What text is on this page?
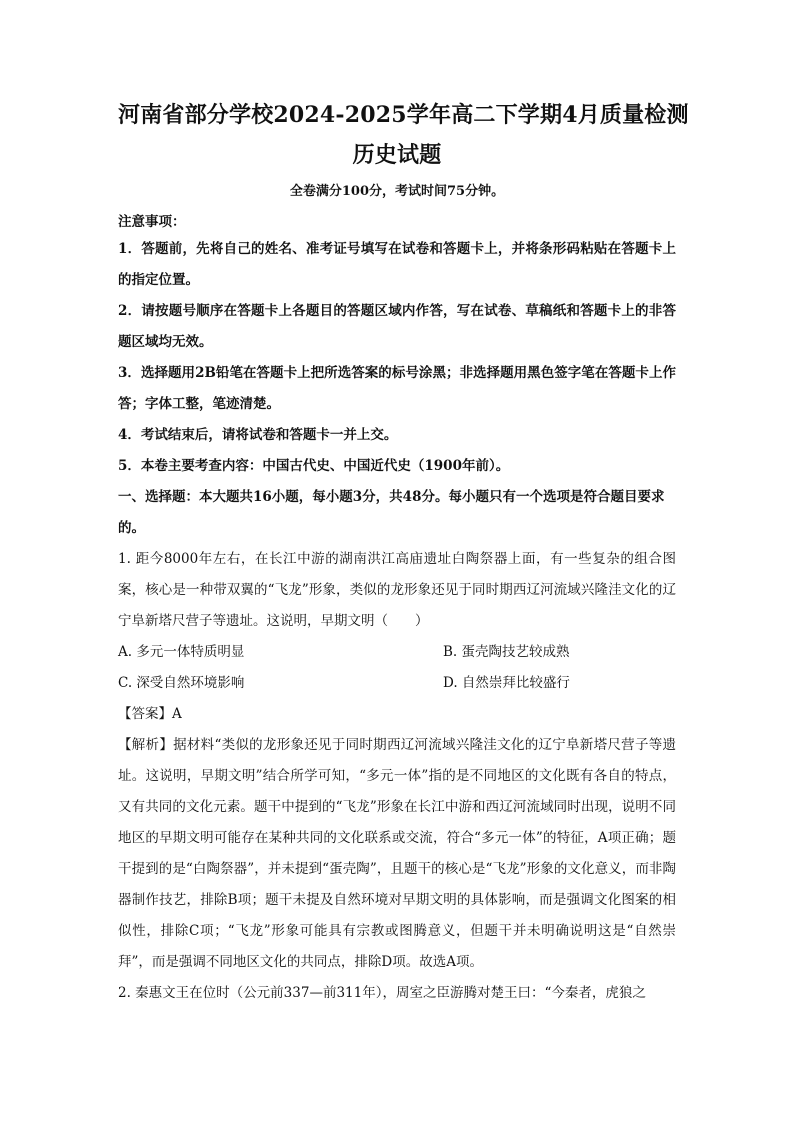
河南省部分学校2024-2025学年高二下学期4月质量检测
历史试题
全卷满分100分，考试时间75分钟。
注意事项：
1．答题前，先将自己的姓名、准考证号填写在试卷和答题卡上，并将条形码粘贴在答题卡上的指定位置。
2．请按题号顺序在答题卡上各题目的答题区域内作答，写在试卷、草稿纸和答题卡上的非答题区域均无效。
3．选择题用2B铅笔在答题卡上把所选答案的标号涂黑；非选择题用黑色签字笔在答题卡上作答；字体工整，笔迹清楚。
4．考试结束后，请将试卷和答题卡一并上交。
5．本卷主要考查内容：中国古代史、中国近代史（1900年前）。
一、选择题：本大题共16小题，每小题3分，共48分。每小题只有一个选项是符合题目要求的。
1. 距今8000年左右，在长江中游的湖南洪江高庙遗址白陶祭器上面，有一些复杂的组合图案，核心是一种带双翼的“飞龙”形象，类似的龙形象还见于同时期西辽河流域兴隆洼文化的辽宁阜新塔尺营子等遗址。这说明，早期文明（　　）
A. 多元一体特质明显	B. 蛋壳陶技艺较成熟
C. 深受自然环境影响	D. 自然崇拜比较盛行
【答案】A
【解析】据材料“类似的龙形象还见于同时期西辽河流域兴隆洼文化的辽宁阜新塔尺营子等遗址。这说明，早期文明”结合所学可知，“多元一体”指的是不同地区的文化既有各自的特点，又有共同的文化元素。题干中提到的“飞龙”形象在长江中游和西辽河流域同时出现，说明不同地区的早期文明可能存在某种共同的文化联系或交流，符合“多元一体”的特征，A项正确；题干提到的是“白陶祭器”，并未提到“蛋壳陶”，且题干的核心是“飞龙”形象的文化意义，而非陶器制作技艺，排除B项；题干未提及自然环境对早期文明的具体影响，而是强调文化图案的相似性，排除C项；“飞龙”形象可能具有宗教或图腾意义，但题干并未明确说明这是“自然崇拜”，而是强调不同地区文化的共同点，排除D项。故选A项。
2. 秦惠文王在位时（公元前337—前311年），周室之臣游腾对楚王曰：“今秦者，虎狼之
